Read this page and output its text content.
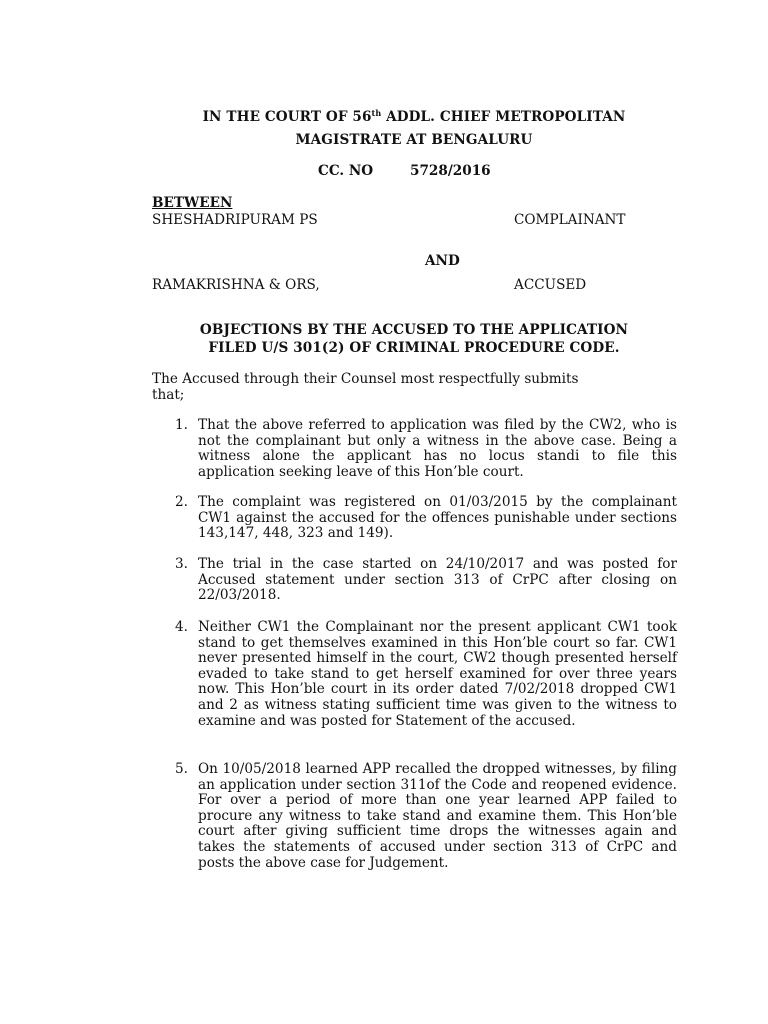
IN THE COURT OF 56th ADDL. CHIEF METROPOLITAN
MAGISTRATE AT BENGALURU
CC. NO	5728/2016
BETWEEN
SHESHADRIPURAM PS	COMPLAINANT
AND
RAMAKRISHNA & ORS,	ACCUSED
OBJECTIONS BY THE ACCUSED TO THE APPLICATION
FILED U/S 301(2) OF CRIMINAL PROCEDURE CODE.
The Accused through their Counsel most respectfully submits
that;
1. That the above referred to application was filed by the CW2, who is not the complainant but only a witness in the above case. Being a witness alone the applicant has no locus standi to file this application seeking leave of this Hon’ble court.
2. The complaint was registered on 01/03/2015 by the complainant CW1 against the accused for the offences punishable under sections 143,147, 448, 323 and 149).
3. The trial in the case started on 24/10/2017 and was posted for Accused statement under section 313 of CrPC after closing on 22/03/2018.
4. Neither CW1 the Complainant nor the present applicant CW1 took stand to get themselves examined in this Hon’ble court so far. CW1 never presented himself in the court, CW2 though presented herself evaded to take stand to get herself examined for over three years now. This Hon’ble court in its order dated 7/02/2018 dropped CW1 and 2 as witness stating sufficient time was given to the witness to examine and was posted for Statement of the accused.
5. On 10/05/2018 learned APP recalled the dropped witnesses, by filing an application under section 311of the Code and reopened evidence. For over a period of more than one year learned APP failed to procure any witness to take stand and examine them. This Hon’ble court after giving sufficient time drops the witnesses again and takes the statements of accused under section 313 of CrPC and posts the above case for Judgement.
